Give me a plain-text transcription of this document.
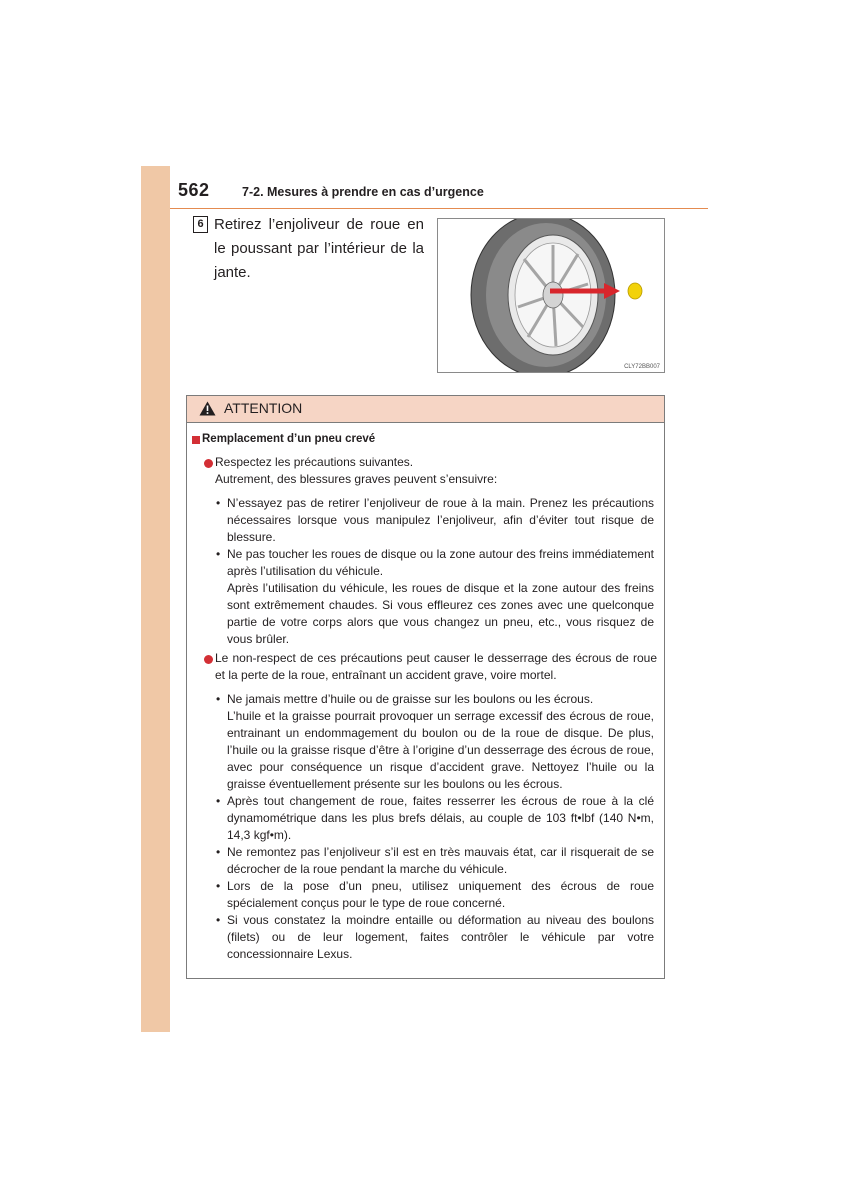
562	7-2. Mesures à prendre en cas d’urgence
6 Retirez l’enjoliveur de roue en le poussant par l’intérieur de la jante.
CLY72BB007
ATTENTION
Remplacement d’un pneu crevé
Respectez les précautions suivantes.
Autrement, des blessures graves peuvent s’ensuivre:
• N’essayez pas de retirer l’enjoliveur de roue à la main. Prenez les précautions nécessaires lorsque vous manipulez l’enjoliveur, afin d’éviter tout risque de blessure.
• Ne pas toucher les roues de disque ou la zone autour des freins immédiatement après l’utilisation du véhicule.
Après l’utilisation du véhicule, les roues de disque et la zone autour des freins sont extrêmement chaudes. Si vous effleurez ces zones avec une quelconque partie de votre corps alors que vous changez un pneu, etc., vous risquez de vous brûler.
Le non-respect de ces précautions peut causer le desserrage des écrous de roue et la perte de la roue, entraînant un accident grave, voire mortel.
• Ne jamais mettre d’huile ou de graisse sur les boulons ou les écrous.
L’huile et la graisse pourrait provoquer un serrage excessif des écrous de roue, entrainant un endommagement du boulon ou de la roue de disque. De plus, l’huile ou la graisse risque d’être à l’origine d’un desserrage des écrous de roue, avec pour conséquence un risque d’accident grave. Nettoyez l’huile ou la graisse éventuellement présente sur les boulons ou les écrous.
• Après tout changement de roue, faites resserrer les écrous de roue à la clé dynamométrique dans les plus brefs délais, au couple de 103 ft•lbf (140 N•m, 14,3 kgf•m).
• Ne remontez pas l’enjoliveur s’il est en très mauvais état, car il risquerait de se décrocher de la roue pendant la marche du véhicule.
• Lors de la pose d’un pneu, utilisez uniquement des écrous de roue spécialement conçus pour le type de roue concerné.
• Si vous constatez la moindre entaille ou déformation au niveau des boulons (filets) ou de leur logement, faites contrôler le véhicule par votre concessionnaire Lexus.
